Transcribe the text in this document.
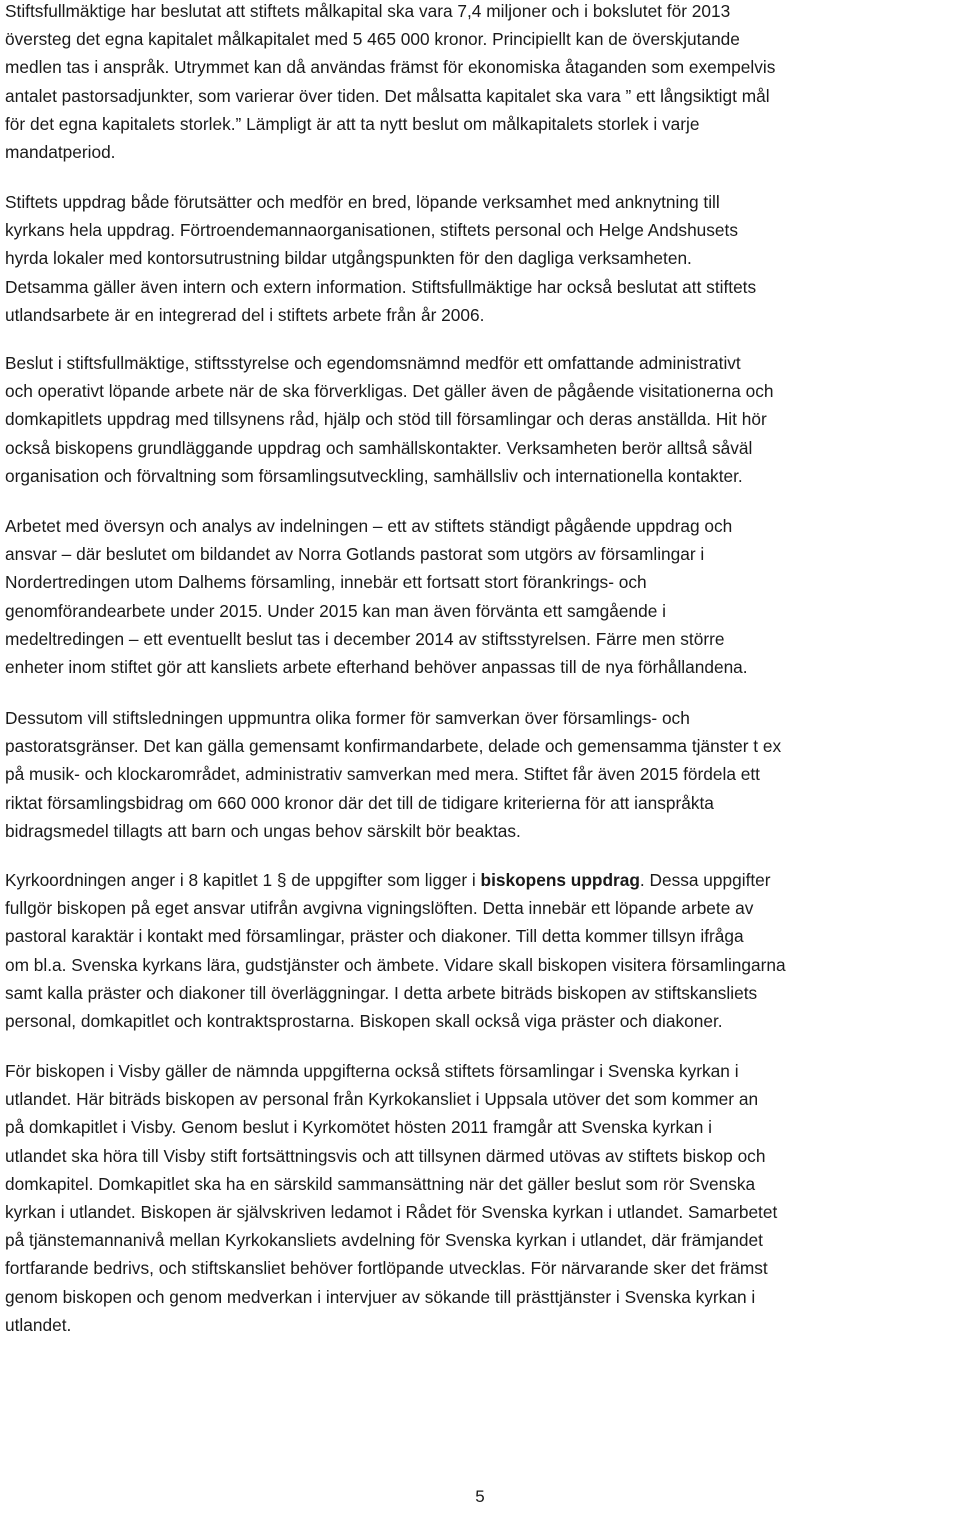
Stiftsfullmäktige har beslutat att stiftets målkapital ska vara 7,4 miljoner och i bokslutet för 2013
översteg det egna kapitalet målkapitalet med 5 465 000 kronor. Principiellt kan de överskjutande
medlen tas i anspråk. Utrymmet kan då användas främst för ekonomiska åtaganden som exempelvis
antalet pastorsadjunkter, som varierar över tiden. Det målsatta kapitalet ska vara ” ett långsiktigt mål
för det egna kapitalets storlek.” Lämpligt är att ta nytt beslut om målkapitalets storlek i varje
mandatperiod.

Stiftets uppdrag både förutsätter och medför en bred, löpande verksamhet med anknytning till
kyrkans hela uppdrag. Förtroendemannaorganisationen, stiftets personal och Helge Andshusets
hyrda lokaler med kontorsutrustning bildar utgångspunkten för den dagliga verksamheten.
Detsamma gäller även intern och extern information. Stiftsfullmäktige har också beslutat att stiftets
utlandsarbete är en integrerad del i stiftets arbete från år 2006.

Beslut i stiftsfullmäktige, stiftsstyrelse och egendomsnämnd medför ett omfattande administrativt
och operativt löpande arbete när de ska förverkligas. Det gäller även de pågående visitationerna och
domkapitlets uppdrag med tillsynens råd, hjälp och stöd till församlingar och deras anställda. Hit hör
också biskopens grundläggande uppdrag och samhällskontakter. Verksamheten berör alltså såväl
organisation och förvaltning som församlingsutveckling, samhällsliv och internationella kontakter.

Arbetet med översyn och analys av indelningen – ett av stiftets ständigt pågående uppdrag och
ansvar – där beslutet om bildandet av Norra Gotlands pastorat som utgörs av församlingar i
Nordertredingen utom Dalhems församling, innebär ett fortsatt stort förankrings- och
genomförandearbete under 2015. Under 2015 kan man även förvänta ett samgående i
medeltredingen – ett eventuellt beslut tas i december 2014 av stiftsstyrelsen. Färre men större
enheter inom stiftet gör att kansliets arbete efterhand behöver anpassas till de nya förhållandena.

Dessutom vill stiftsledningen uppmuntra olika former för samverkan över församlings- och
pastoratsgränser. Det kan gälla gemensamt konfirmandarbete, delade och gemensamma tjänster t ex
på musik- och klockarområdet, administrativ samverkan med mera. Stiftet får även 2015 fördela ett
riktat församlingsbidrag om 660 000 kronor där det till de tidigare kriterierna för att ianspråkta
bidragsmedel tillagts att barn och ungas behov särskilt bör beaktas.

Kyrkoordningen anger i 8 kapitlet 1 § de uppgifter som ligger i biskopens uppdrag. Dessa uppgifter
fullgör biskopen på eget ansvar utifrån avgivna vigningslöften. Detta innebär ett löpande arbete av
pastoral karaktär i kontakt med församlingar, präster och diakoner. Till detta kommer tillsyn ifråga
om bl.a. Svenska kyrkans lära, gudstjänster och ämbete. Vidare skall biskopen visitera församlingarna
samt kalla präster och diakoner till överläggningar. I detta arbete biträds biskopen av stiftskansliets
personal, domkapitlet och kontraktsprostarna. Biskopen skall också viga präster och diakoner.

För biskopen i Visby gäller de nämnda uppgifterna också stiftets församlingar i Svenska kyrkan i
utlandet. Här biträds biskopen av personal från Kyrkokansliet i Uppsala utöver det som kommer an
på domkapitlet i Visby. Genom beslut i Kyrkomötet hösten 2011 framgår att Svenska kyrkan i
utlandet ska höra till Visby stift fortsättningsvis och att tillsynen därmed utövas av stiftets biskop och
domkapitel. Domkapitlet ska ha en särskild sammansättning när det gäller beslut som rör Svenska
kyrkan i utlandet. Biskopen är självskriven ledamot i Rådet för Svenska kyrkan i utlandet. Samarbetet
på tjänstemannanivå mellan Kyrkokansliets avdelning för Svenska kyrkan i utlandet, där främjandet
fortfarande bedrivs, och stiftskansliet behöver fortlöpande utvecklas. För närvarande sker det främst
genom biskopen och genom medverkan i intervjuer av sökande till prästtjänster i Svenska kyrkan i
utlandet.

5
